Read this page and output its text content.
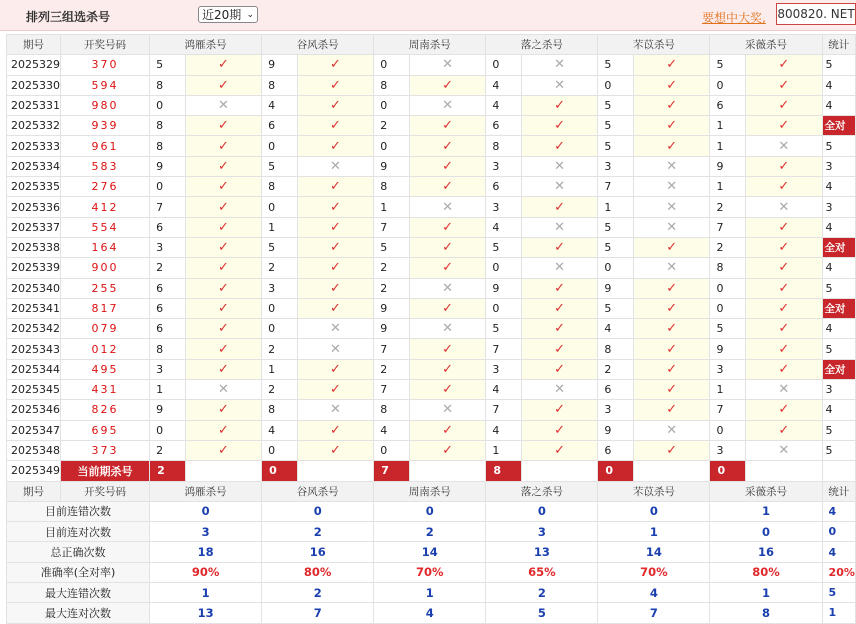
排列三组选杀号	近20期 ⌄	要想中大奖, 800820. NET
期号	开奖号码	鸿雁杀号		谷风杀号		周南杀号		落之杀号		芣苡杀号		采薇杀号		统计
2025329	370	5	✓	9	✓	0	✕	0	✕	5	✓	5	✓	5
2025330	594	8	✓	8	✓	8	✓	4	✕	0	✓	0	✓	4
2025331	980	0	✕	4	✓	0	✕	4	✓	5	✓	6	✓	4
2025332	939	8	✓	6	✓	2	✓	6	✓	5	✓	1	✓	全对
2025333	961	8	✓	0	✓	0	✓	8	✓	5	✓	1	✕	5
2025334	583	9	✓	5	✕	9	✓	3	✕	3	✕	9	✓	3
2025335	276	0	✓	8	✓	8	✓	6	✕	7	✕	1	✓	4
2025336	412	7	✓	0	✓	1	✕	3	✓	1	✕	2	✕	3
2025337	554	6	✓	1	✓	7	✓	4	✕	5	✕	7	✓	4
2025338	164	3	✓	5	✓	5	✓	5	✓	5	✓	2	✓	全对
2025339	900	2	✓	2	✓	2	✓	0	✕	0	✕	8	✓	4
2025340	255	6	✓	3	✓	2	✕	9	✓	9	✓	0	✓	5
2025341	817	6	✓	0	✓	9	✓	0	✓	5	✓	0	✓	全对
2025342	079	6	✓	0	✕	9	✕	5	✓	4	✓	5	✓	4
2025343	012	8	✓	2	✕	7	✓	7	✓	8	✓	9	✓	5
2025344	495	3	✓	1	✓	2	✓	3	✓	2	✓	3	✓	全对
2025345	431	1	✕	2	✓	7	✓	4	✕	6	✓	1	✕	3
2025346	826	9	✓	8	✕	8	✕	7	✓	3	✓	7	✓	4
2025347	695	0	✓	4	✓	4	✓	4	✓	9	✕	0	✓	5
2025348	373	2	✓	0	✓	0	✓	1	✓	6	✓	3	✕	5
2025349	当前期杀号	2		0		7		8		0		0		
期号	开奖号码	鸿雁杀号		谷风杀号		周南杀号		落之杀号		芣苡杀号		采薇杀号		统计
目前连错次数		0		0		0		0		0		1		4
目前连对次数		3		2		2		3		1		0		0
总正确次数		18		16		14		13		14		16		4
准确率(全对率)		90%		80%		70%		65%		70%		80%		20%
最大连错次数		1		2		1		2		4		1		5
最大连对次数		13		7		4		5		7		8		1
